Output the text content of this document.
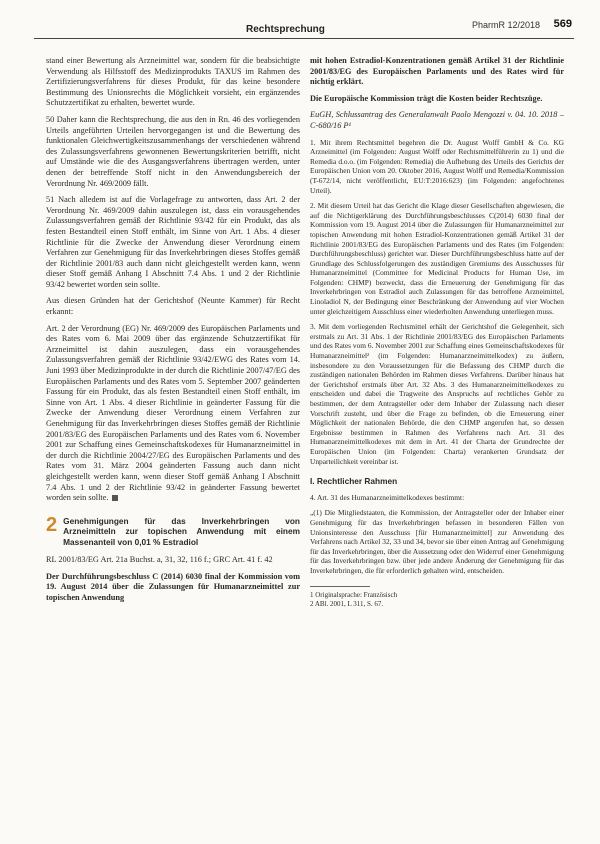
Rechtsprechung	PharmR 12/2018 569

stand einer Bewertung als Arzneimittel war, sondern für die beabsichtigte Verwendung als Hilfsstoff des Medizinprodukts TAXUS im Rahmen des Zertifizierungsverfahrens für dieses Produkt, für das keine besondere Bestimmung des Unionsrechts die Möglichkeit vorsieht, ein ergänzendes Schutzzertifikat zu erhalten, bewertet wurde.

50 Daher kann die Rechtsprechung, die aus den in Rn. 46 des vorliegenden Urteils angeführten Urteilen hervorgegangen ist und die Bewertung des funktionalen Gleichwertigkeitszusammenhangs der verschiedenen während des Zulassungsverfahrens gewonnenen Bewertungskriterien betrifft, nicht auf Umstände wie die des Ausgangsverfahrens übertragen werden, unter denen der betreffende Stoff nicht in den Anwendungsbereich der Verordnung Nr. 469/2009 fällt.

51 Nach alledem ist auf die Vorlagefrage zu antworten, dass Art. 2 der Verordnung Nr. 469/2009 dahin auszulegen ist, dass ein vorausgehendes Zulassungsverfahren gemäß der Richtlinie 93/42 für ein Produkt, das als festen Bestandteil einen Stoff enthält, im Sinne von Art. 1 Abs. 4 dieser Richtlinie für die Zwecke der Anwendung dieser Verordnung einem Verfahren zur Genehmigung für das Inverkehrbringen dieses Stoffes gemäß der Richtlinie 2001/83 auch dann nicht gleichgestellt werden kann, wenn dieser Stoff gemäß Anhang I Abschnitt 7.4 Abs. 1 und 2 der Richtlinie 93/42 bewertet worden sein sollte.

Aus diesen Gründen hat der Gerichtshof (Neunte Kammer) für Recht erkannt:

Art. 2 der Verordnung (EG) Nr. 469/2009 des Europäischen Parlaments und des Rates vom 6. Mai 2009 über das ergänzende Schutzzertifikat für Arzneimittel ist dahin auszulegen, dass ein vorausgehendes Zulassungsverfahren gemäß der Richtlinie 93/42/EWG des Rates vom 14. Juni 1993 über Medizinprodukte in der durch die Richtlinie 2007/47/EG des Europäischen Parlaments und des Rates vom 5. September 2007 geänderten Fassung für ein Produkt, das als festen Bestandteil einen Stoff enthält, im Sinne von Art. 1 Abs. 4 dieser Richtlinie in geänderter Fassung für die Zwecke der Anwendung dieser Verordnung einem Verfahren zur Genehmigung für das Inverkehrbringen dieses Stoffes gemäß der Richtlinie 2001/83/EG des Europäischen Parlaments und des Rates vom 6. November 2001 zur Schaffung eines Gemeinschaftskodexes für Humanarzneimittel in der durch die Richtlinie 2004/27/EG des Europäischen Parlaments und des Rates vom 31. März 2004 geänderten Fassung auch dann nicht gleichgestellt werden kann, wenn dieser Stoff gemäß Anhang I Abschnitt 7.4 Abs. 1 und 2 der Richtlinie 93/42 in geänderter Fassung bewertet worden sein sollte.

2 Genehmigungen für das Inverkehrbringen von Arzneimitteln zur topischen Anwendung mit einem Massenanteil von 0,01 % Estradiol

RL 2001/83/EG Art. 21a Buchst. a, 31, 32, 116 f.; GRC Art. 41 f. 42

Der Durchführungsbeschluss C (2014) 6030 final der Kommission vom 19. August 2014 über die Zulassungen für Humanarzneimittel zur topischen Anwendung

mit hohen Estradiol-Konzentrationen gemäß Artikel 31 der Richtlinie 2001/83/EG des Europäischen Parlaments und des Rates wird für nichtig erklärt.

Die Europäische Kommission trägt die Kosten beider Rechtszüge.

EuGH, Schlussantrag des Generalanwalt Paolo Mengozzi v. 04. 10. 2018 – C-680/16 P¹

1. Mit ihrem Rechtsmittel begehren die Dr. August Wolff GmbH & Co. KG Arzneimittel (im Folgenden: August Wolff oder Rechtsmittelführerin zu 1) und die Remedia d.o.o. (im Folgenden: Remedia) die Aufhebung des Urteils des Gerichts der Europäischen Union vom 20. Oktober 2016, August Wolff und Remedia/Kommission (T-672/14, nicht veröffentlicht, EU:T:2016:623) (im Folgenden: angefochtenes Urteil).

2. Mit diesem Urteil hat das Gericht die Klage dieser Gesellschaften abgewiesen, die auf die Nichtigerklärung des Durchführungsbeschlusses C(2014) 6030 final der Kommission vom 19. August 2014 über die Zulassungen für Humanarzneimittel zur topischen Anwendung mit hohen Estradiol-Konzentrationen gemäß Artikel 31 der Richtlinie 2001/83/EG des Europäischen Parlaments und des Rates (im Folgenden: Durchführungsbeschluss) gerichtet war. Dieser Durchführungsbeschluss hatte auf der Grundlage des Schlussfolgerungen des zuständigen Gremiums des Ausschusses für Humanarzneimittel (Committee for Medicinal Products for Human Use, im Folgenden: CHMP) bezweckt, dass die Erneuerung der Genehmigung für das Inverkehrbringen von Estradiol auch Zulassungen für das betroffene Arzneimittel, Linoladiol N, der Bedingung einer Beschränkung der Anwendung auf vier Wochen unter gleichzeitigem Ausschluss einer wiederholten Anwendung unterliegen muss.

3. Mit dem vorliegenden Rechtsmittel erhält der Gerichtshof die Gelegenheit, sich erstmals zu Art. 31 Abs. 1 der Richtlinie 2001/83/EG des Europäischen Parlaments und des Rates vom 6. November 2001 zur Schaffung eines Gemeinschaftskodexes für Humanarzneimittel² (im Folgenden: Humanarzneimittelkodex) zu äußern, insbesondere zu den Voraussetzungen für die Befassung des CHMP durch die zuständigen nationalen Behörden im Rahmen dieses Verfahrens. Darüber hinaus hat der Gerichtshof erstmals über Art. 32 Abs. 3 des Humanarzneimittelkodexes zu entscheiden und dabei die Tragweite des Anspruchs auf rechtliches Gehör zu bestimmen, der dem Antragsteller oder dem Inhaber der Zulassung nach dieser Vorschrift zusteht, und über die Frage zu befinden, ob die Erneuerung einer Möglichkeit der nationalen Behörde, die den CHMP angerufen hat, so dessen Ergebnisse bestimmen in Rahmen des Verfahrens nach Art. 31 des Humanarzneimittelkodexes mit dem in Art. 41 der Charta der Grundrechte der Europäischen Union (im Folgenden: Charta) verankerten Grundsatz der Unparteilichkeit vereinbar ist.

I. Rechtlicher Rahmen

4. Art. 31 des Humanarzneimittelkodexes bestimmt:

„(1) Die Mitgliedstaaten, die Kommission, der Antragsteller oder der Inhaber einer Genehmigung für das Inverkehrbringen befassen in besonderen Fällen von Unionsinteresse den Ausschuss [für Humanarzneimittel] zur Anwendung des Verfahrens nach Artikel 32, 33 und 34, bevor sie über einen Antrag auf Genehmigung für das Inverkehrbringen, über die Aussetzung oder den Widerruf einer Genehmigung für das Inverkehrbringen bzw. über jede andere Änderung der Genehmigung für das Inverkehrbringen, die für erforderlich gehalten wird, entscheiden.

1 Originalsprache: Französisch
2 ABl. 2001, L 311, S. 67.
